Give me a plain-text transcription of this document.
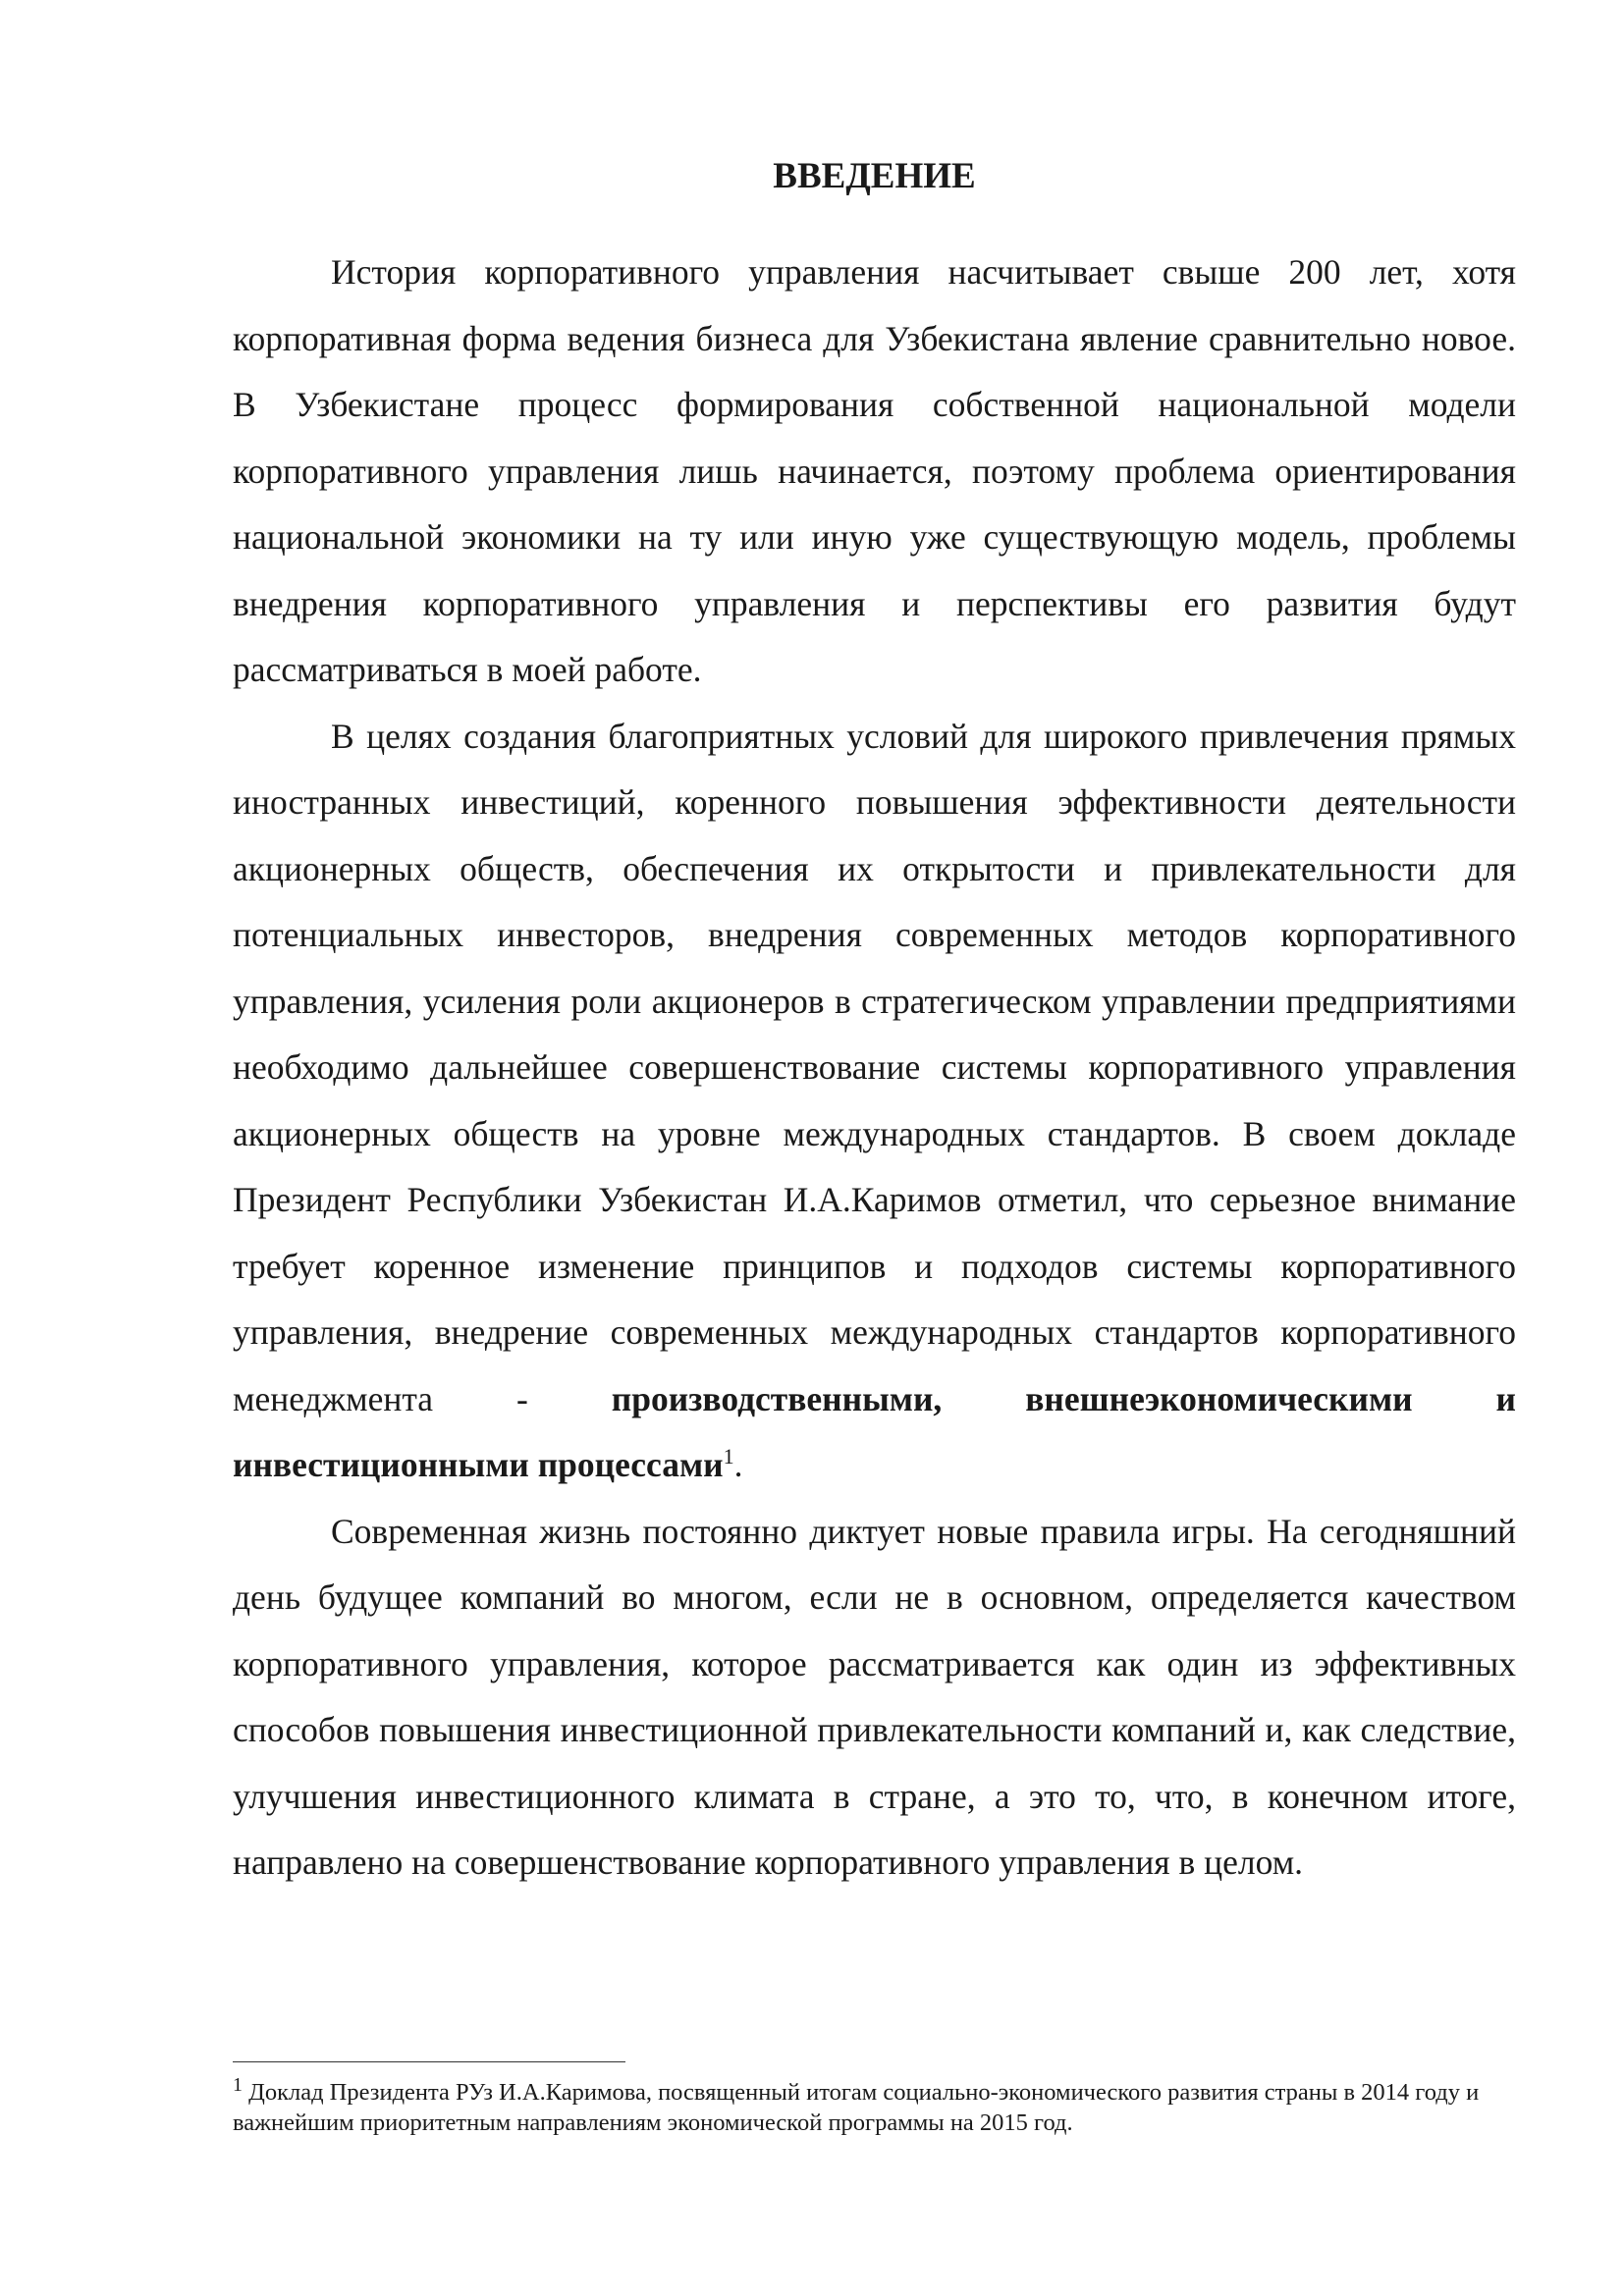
ВВЕДЕНИЕ

История корпоративного управления насчитывает свыше 200 лет, хотя корпоративная форма ведения бизнеса для Узбекистана явление сравнительно новое. В Узбекистане процесс формирования собственной национальной модели корпоративного управления лишь начинается, поэтому проблема ориентирования национальной экономики на ту или иную уже существующую модель, проблемы внедрения корпоративного управления и перспективы его развития будут рассматриваться в моей работе.

В целях создания благоприятных условий для широкого привлечения прямых иностранных инвестиций, коренного повышения эффективности деятельности акционерных обществ, обеспечения их открытости и привлекательности для потенциальных инвесторов, внедрения современных методов корпоративного управления, усиления роли акционеров в стратегическом управлении предприятиями необходимо дальнейшее совершенствование системы корпоративного управления акционерных обществ на уровне международных стандартов. В своем докладе Президент Республики Узбекистан И.А.Каримов отметил, что серьезное внимание требует коренное изменение принципов и подходов системы корпоративного управления, внедрение современных международных стандартов корпоративного менеджмента - производственными, внешнеэкономическими и инвестиционными процессами$^1$.

Современная жизнь постоянно диктует новые правила игры. На сегодняшний день будущее компаний во многом, если не в основном, определяется качеством корпоративного управления, которое рассматривается как один из эффективных способов повышения инвестиционной привлекательности компаний и, как следствие, улучшения инвестиционного климата в стране, а это то, что, в конечном итоге, направлено на совершенствование корпоративного управления в целом.

$^1$ Доклад Президента РУз И.А.Каримова, посвященный итогам социально-экономического развития страны в 2014 году и важнейшим приоритетным направлениям экономической программы на 2015 год.
